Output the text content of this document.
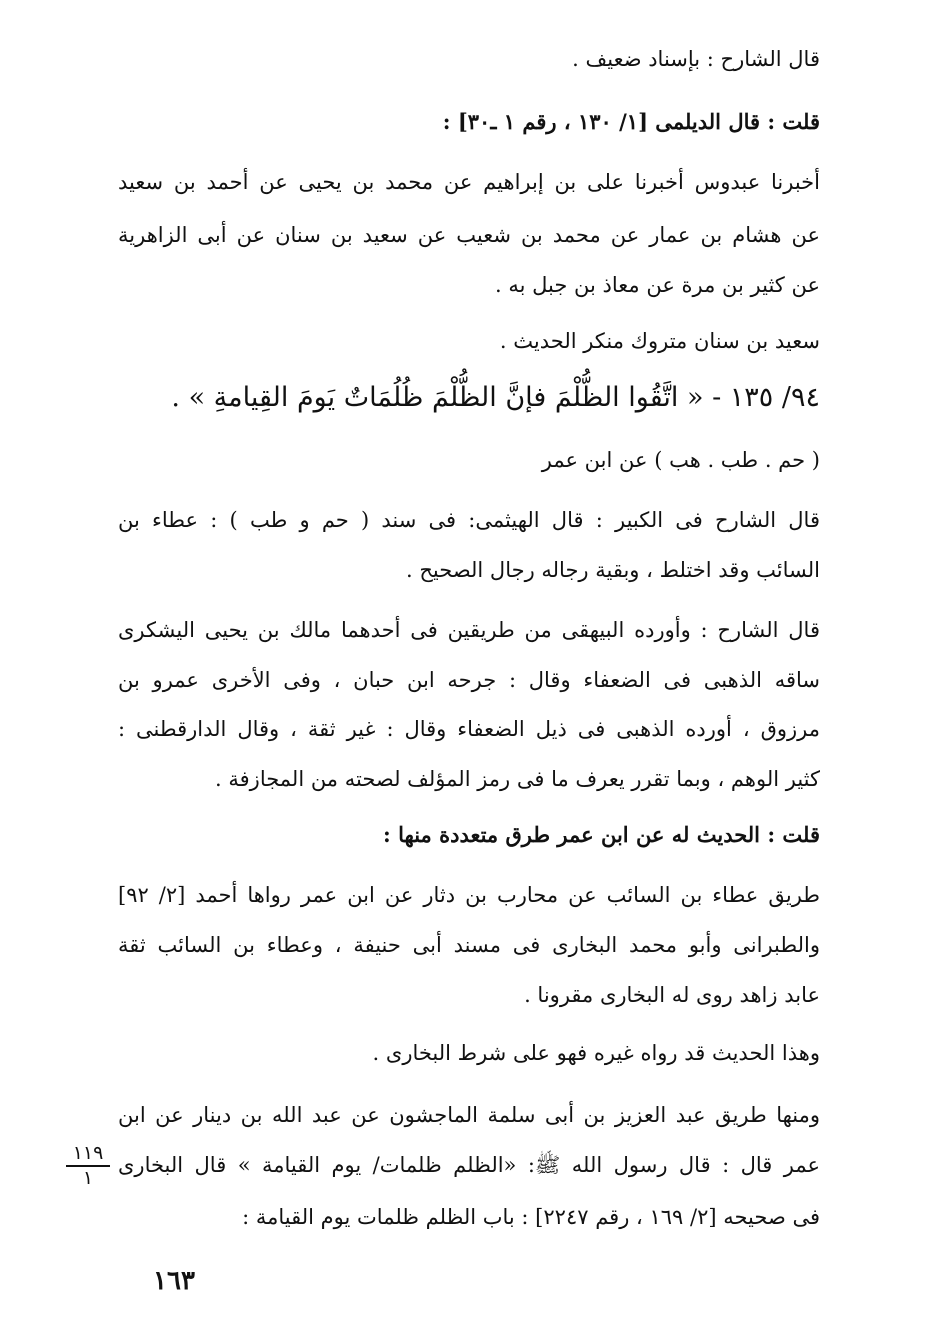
قال الشارح : بإسناد ضعيف .
قلت : قال الديلمى [١/ ١٣٠ ، رقم ١ ـ٣٠] :
أخبرنا عبدوس أخبرنا على بن إبراهيم عن محمد بن يحيى عن أحمد بن سعيد
عن هشام بن عمار عن محمد بن شعيب عن سعيد بن سنان عن أبى الزاهرية
عن كثير بن مرة عن معاذ بن جبل به .
سعيد بن سنان متروك منكر الحديث .
٩٤/ ١٣٥ - « اتَّقُوا الظُّلْمَ فإنَّ الظُّلْمَ ظُلُمَاتٌ يَومَ القِيامةِ » .
( حم . طب . هب ) عن ابن عمر
قال الشارح فى الكبير : قال الهيثمى: فى سند ( حم و طب ) : عطاء بن
السائب وقد اختلط ، وبقية رجاله رجال الصحيح .
قال الشارح : وأورده البيهقى من طريقين فى أحدهما مالك بن يحيى اليشكرى
ساقه الذهبى فى الضعفاء وقال : جرحه ابن حبان ، وفى الأخرى عمرو بن
مرزوق ، أورده الذهبى فى ذيل الضعفاء وقال : غير ثقة ، وقال الدارقطنى :
كثير الوهم ، وبما تقرر يعرف ما فى رمز المؤلف لصحته من المجازفة .
قلت : الحديث له عن ابن عمر طرق متعددة منها :
طريق عطاء بن السائب عن محارب بن دثار عن ابن عمر رواها أحمد [٢/ ٩٢]
والطبرانى وأبو محمد البخارى فى مسند أبى حنيفة ، وعطاء بن السائب ثقة
عابد زاهد روى له البخارى مقرونا .
وهذا الحديث قد رواه غيره فهو على شرط البخارى .
ومنها طريق عبد العزيز بن أبى سلمة الماجشون عن عبد الله بن دينار عن ابن
عمر قال : قال رسول الله ﷺ: «الظلم ظلمات/ يوم القيامة » قال البخارى
فى صحيحه [٢/ ١٦٩ ، رقم ٢٢٤٧] : باب الظلم ظلمات يوم القيامة :
١١٩
١
١٦٣
